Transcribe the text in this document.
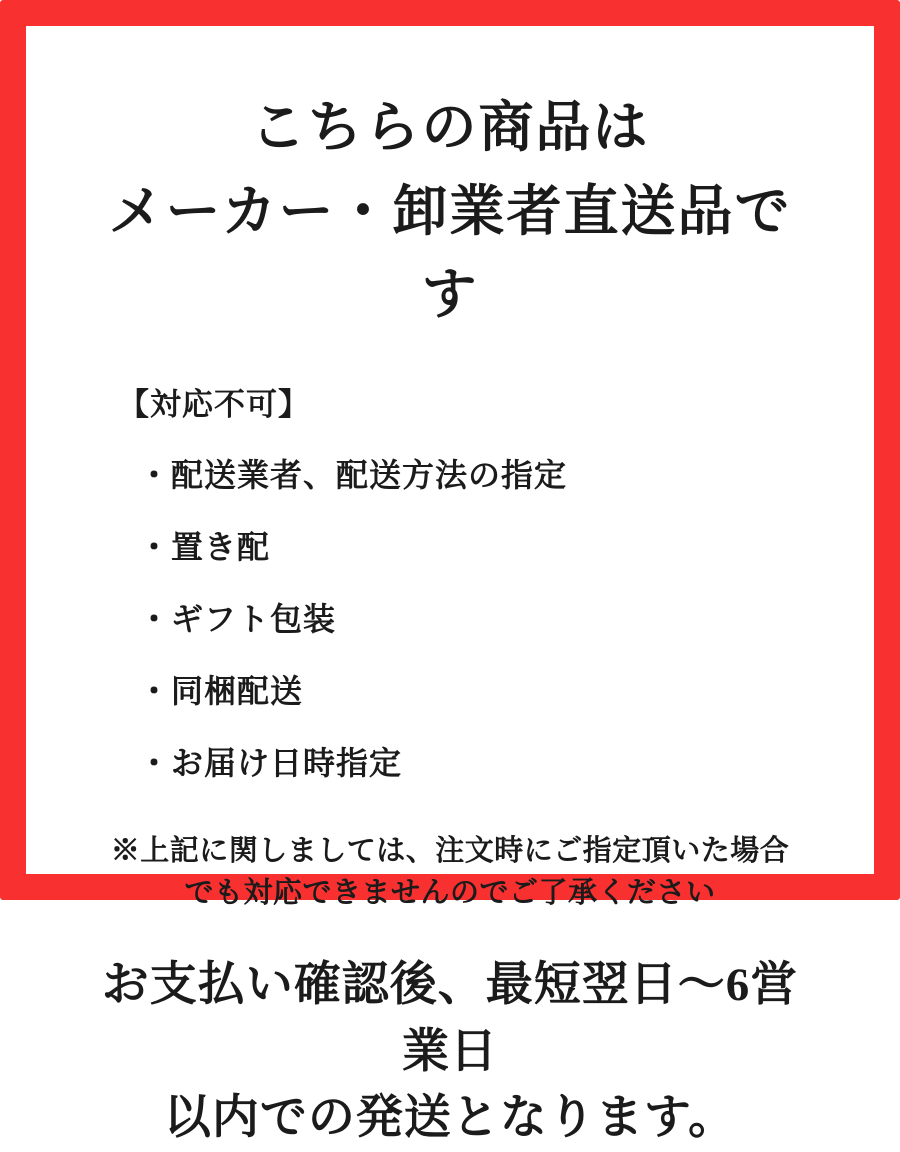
こちらの商品は
メーカー・卸業者直送品です
【対応不可】
・配送業者、配送方法の指定
・置き配
・ギフト包装
・同梱配送
・お届け日時指定
※上記に関しましては、注文時にご指定頂いた場合
でも対応できませんのでご了承ください
お支払い確認後、最短翌日～6営業日
以内での発送となります。
